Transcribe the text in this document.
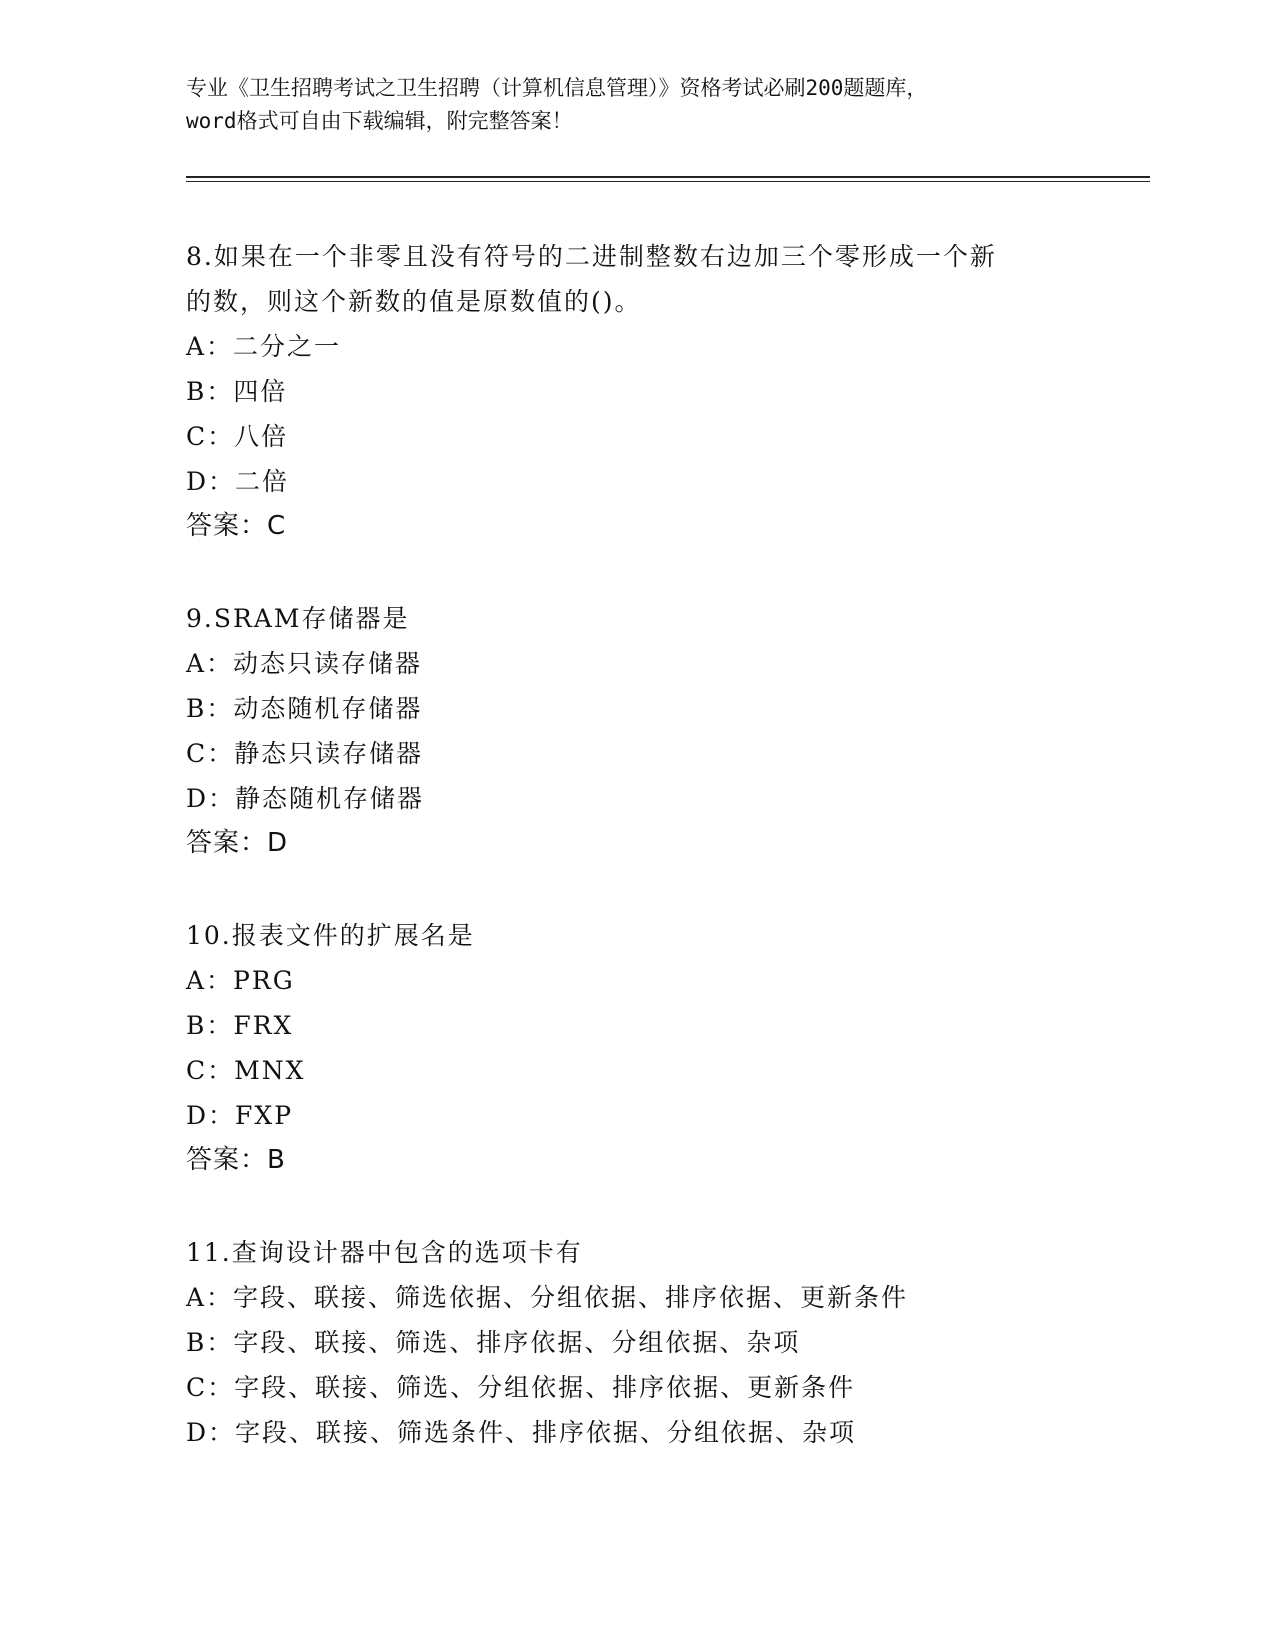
专业《卫生招聘考试之卫生招聘（计算机信息管理）》资格考试必刷200题题库，
word格式可自由下载编辑，附完整答案！
8.如果在一个非零且没有符号的二进制整数右边加三个零形成一个新
的数，则这个新数的值是原数值的()。
A：二分之一
B：四倍
C：八倍
D：二倍
答案：C
9.SRAM存储器是
A：动态只读存储器
B：动态随机存储器
C：静态只读存储器
D：静态随机存储器
答案：D
10.报表文件的扩展名是
A：PRG
B：FRX
C：MNX
D：FXP
答案：B
11.查询设计器中包含的选项卡有
A：字段、联接、筛选依据、分组依据、排序依据、更新条件
B：字段、联接、筛选、排序依据、分组依据、杂项
C：字段、联接、筛选、分组依据、排序依据、更新条件
D：字段、联接、筛选条件、排序依据、分组依据、杂项
